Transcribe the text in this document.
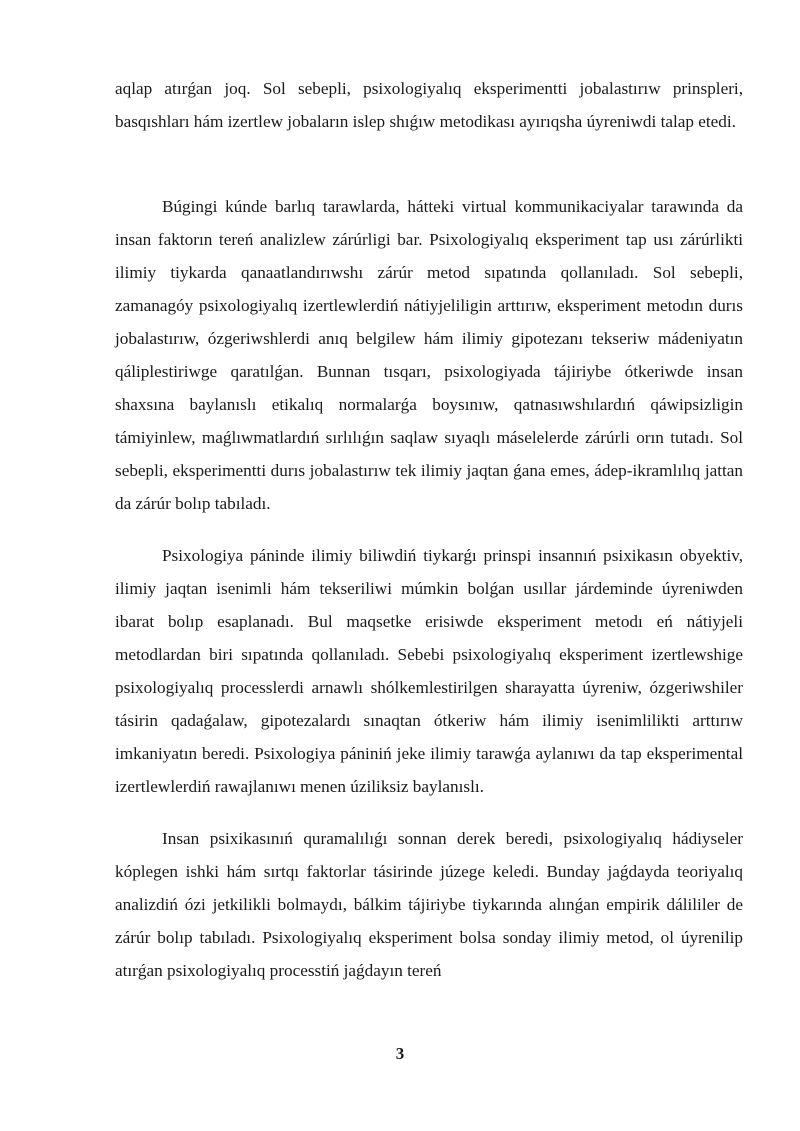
aqlap atırǵan joq. Sol sebepli, psixologiyalıq eksperimentti jobalastırıw prinspleri, basqıshları hám izertlew jobaların islep shıǵıw metodikası ayırıqsha úyreniwdi talap etedi.

Búgingi kúnde barlıq tarawlarda, hátteki virtual kommunikaciyalar tarawında da insan faktorın tereń analizlew zárúrligi bar. Psixologiyalıq eksperiment tap usı zárúrlikti ilimiy tiykarda qanaatlandırıwshı zárúr metod sıpatında qollanıladı. Sol sebepli, zamanagóy psixologiyalıq izertlewlerdiń nátiyjeliligin arttırıw, eksperiment metodın durıs jobalastırıw, ózgeriwshlerdi anıq belgilew hám ilimiy gipotezanı tekseriw mádeniyatın qáliplestiriwge qaratılǵan. Bunnan tısqarı, psixologiyada tájiriybe ótkeriwde insan shaxsına baylanıslı etikalıq normalarǵa boysınıw, qatnasıwshılardıń qáwipsizligin támiyinlew, maǵlıwmatlardıń sırlılıǵın saqlaw sıyaqlı máselelerde zárúrli orın tutadı. Sol sebepli, eksperimentti durıs jobalastırıw tek ilimiy jaqtan ǵana emes, ádep-ikramlılıq jattan da zárúr bolıp tabıladı.

Psixologiya páninde ilimiy biliwdiń tiykarǵı prinspi insannıń psixikasın obyektiv, ilimiy jaqtan isenimli hám tekseriliwi múmkin bolǵan usıllar járdeminde úyreniwden ibarat bolıp esaplanadı. Bul maqsetke erisiwde eksperiment metodı eń nátiyjeli metodlardan biri sıpatında qollanıladı. Sebebi psixologiyalıq eksperiment izertlewshige psixologiyalıq processlerdi arnawlı shólkemlestirilgen sharayatta úyreniw, ózgeriwshiler tásirin qadaǵalaw, gipotezalardı sınaqtan ótkeriw hám ilimiy isenimlilikti arttırıw imkaniyatın beredi. Psixologiya pániniń jeke ilimiy tarawǵa aylanıwı da tap eksperimental izertlewlerdiń rawajlanıwı menen úziliksiz baylanıslı.

Insan psixikasınıń quramalılıǵı sonnan derek beredi, psixologiyalıq hádiyseler kóplegen ishki hám sırtqı faktorlar tásirinde júzege keledi. Bunday jaǵdayda teoriyalıq analizdiń ózi jetkilikli bolmaydı, bálkim tájiriybe tiykarında alınǵan empirik dálililer de zárúr bolıp tabıladı. Psixologiyalıq eksperiment bolsa sonday ilimiy metod, ol úyrenilip atırǵan psixologiyalıq processtiń jaǵdayın tereń

3
